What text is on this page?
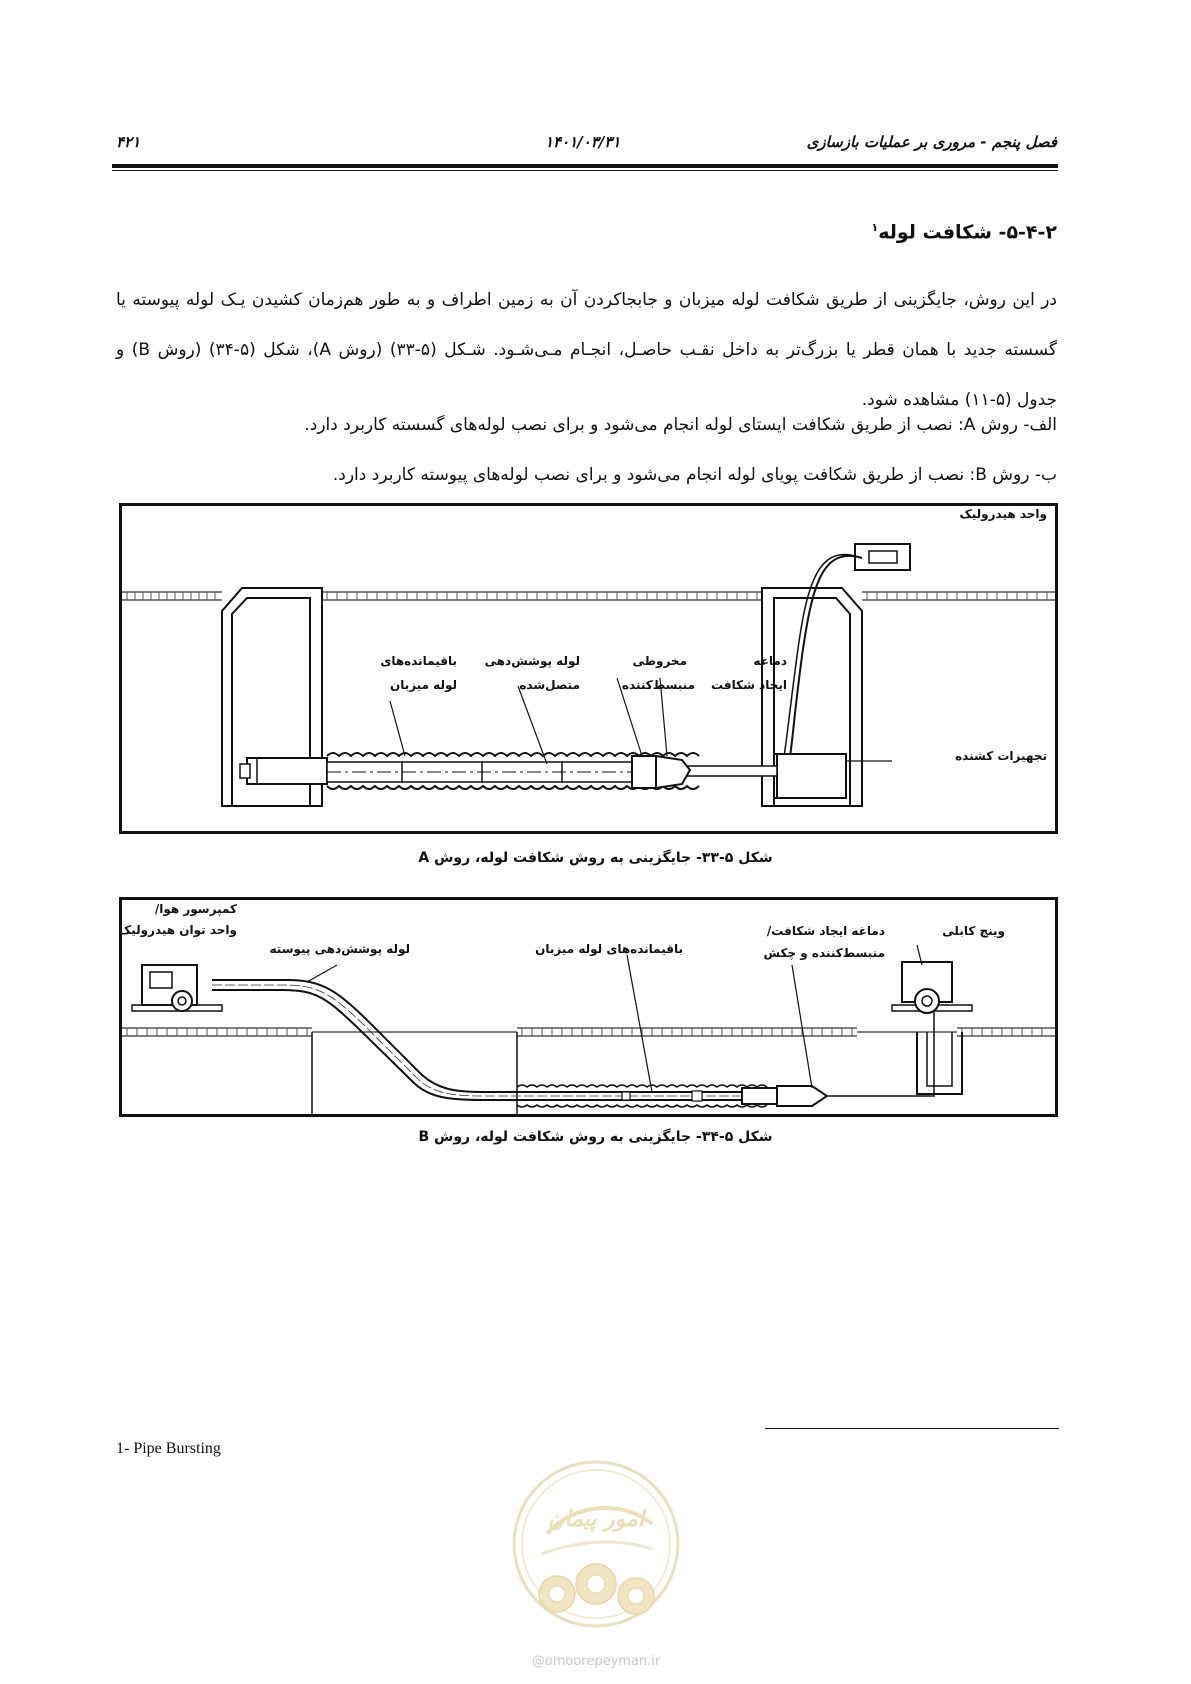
۴۲۱	۱۴۰۱/۰۳/۳۱	فصل پنجم - مروری بر عملیات بازسازی
۵-۴-۲- شکافت لوله$^۱$
در این روش، جایگزینی از طریق شکافت لوله میزبان و جابجاکردن آن به زمین اطراف و به طور هم‌زمان کشیدن یـک لوله پیوسته یا گسسته جدید با همان قطر یا بزرگ‌تر به داخل نقـب حاصـل، انجـام مـی‌شـود. شـکل (۵-۳۳) (روش A)، شکل (۵-۳۴) (روش B) و جدول (۵-۱۱) مشاهده شود.
الف- روش A: نصب از طریق شکافت ایستای لوله انجام می‌شود و برای نصب لوله‌های گسسته کاربرد دارد.
ب- روش B: نصب از طریق شکافت پویای لوله انجام می‌شود و برای نصب لوله‌های پیوسته کاربرد دارد.
واحد هیدرولیک
باقیمانده‌های
لوله میزبان
لوله پوشش‌دهی
متصل‌شده
مخروطی
منبسط‌کننده
دماغه
ایجاد شکافت
تجهیزات کشنده
شکل ۵-۳۳- جایگزینی به روش شکافت لوله، روش A
کمپرسور هوا/
واحد توان هیدرولیک
لوله پوشش‌دهی پیوسته	باقیمانده‌های لوله میزبان
دماغه ایجاد شکافت/
منبسط‌کننده و چکش
وینچ کابلی
شکل ۵-۳۴- جایگزینی به روش شکافت لوله، روش B
1- Pipe Bursting
امور پیمان
@omoorepeyman.ir
